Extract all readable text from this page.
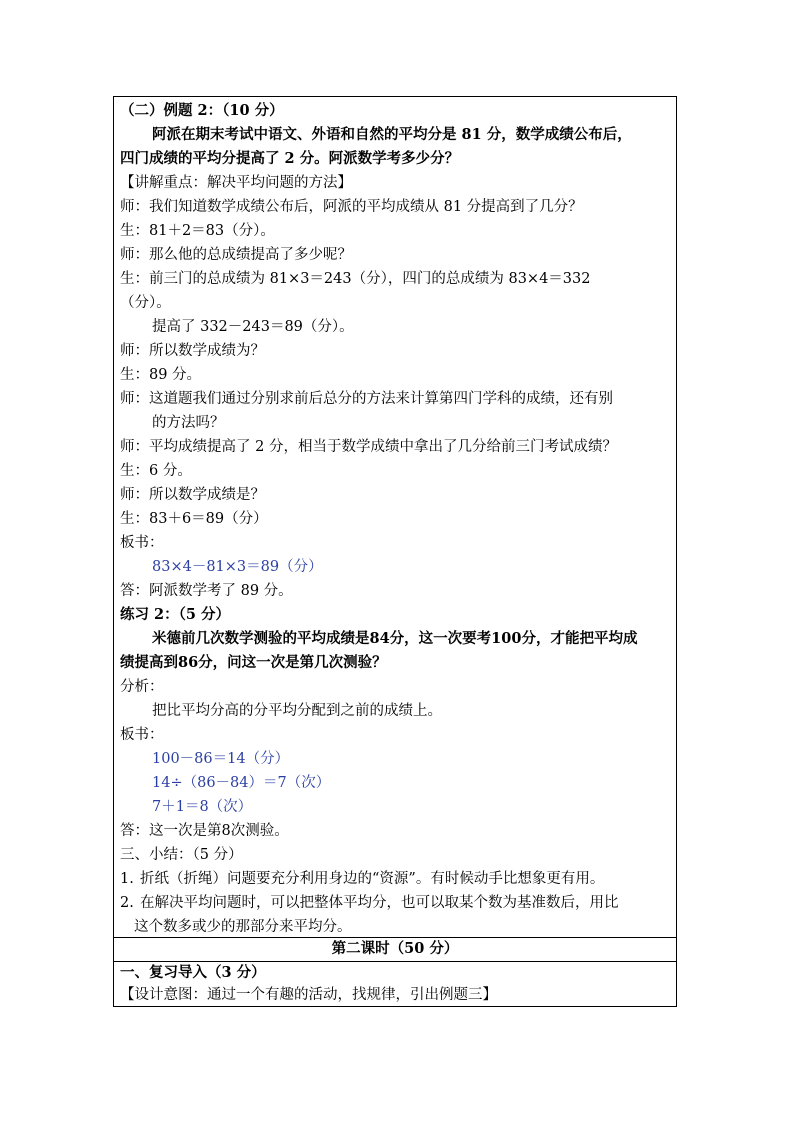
（二）例题 2：（10 分）
阿派在期末考试中语文、外语和自然的平均分是 81 分，数学成绩公布后，
四门成绩的平均分提高了 2 分。阿派数学考多少分？
【讲解重点：解决平均问题的方法】
师：我们知道数学成绩公布后，阿派的平均成绩从 81 分提高到了几分？
生：81＋2＝83（分）。
师：那么他的总成绩提高了多少呢？
生：前三门的总成绩为 81×3＝243（分），四门的总成绩为 83×4＝332
（分）。
提高了 332－243＝89（分）。
师：所以数学成绩为？
生：89 分。
师：这道题我们通过分别求前后总分的方法来计算第四门学科的成绩，还有别
的方法吗？
师：平均成绩提高了 2 分，相当于数学成绩中拿出了几分给前三门考试成绩？
生：6 分。
师：所以数学成绩是？
生：83＋6＝89（分）
板书：
83×4－81×3＝89（分）
答：阿派数学考了 89 分。
练习 2：（5 分）
米德前几次数学测验的平均成绩是84分，这一次要考100分，才能把平均成
绩提高到86分，问这一次是第几次测验？
分析：
把比平均分高的分平均分配到之前的成绩上。
板书：
100－86＝14（分）
14÷（86－84）＝7（次）
7＋1＝8（次）
答：这一次是第8次测验。
三、小结：（5 分）
1. 折纸（折绳）问题要充分利用身边的“资源”。有时候动手比想象更有用。
2. 在解决平均问题时，可以把整体平均分，也可以取某个数为基准数后，用比
这个数多或少的那部分来平均分。
第二课时（50 分）
一、复习导入（3 分）
【设计意图：通过一个有趣的活动，找规律，引出例题三】
